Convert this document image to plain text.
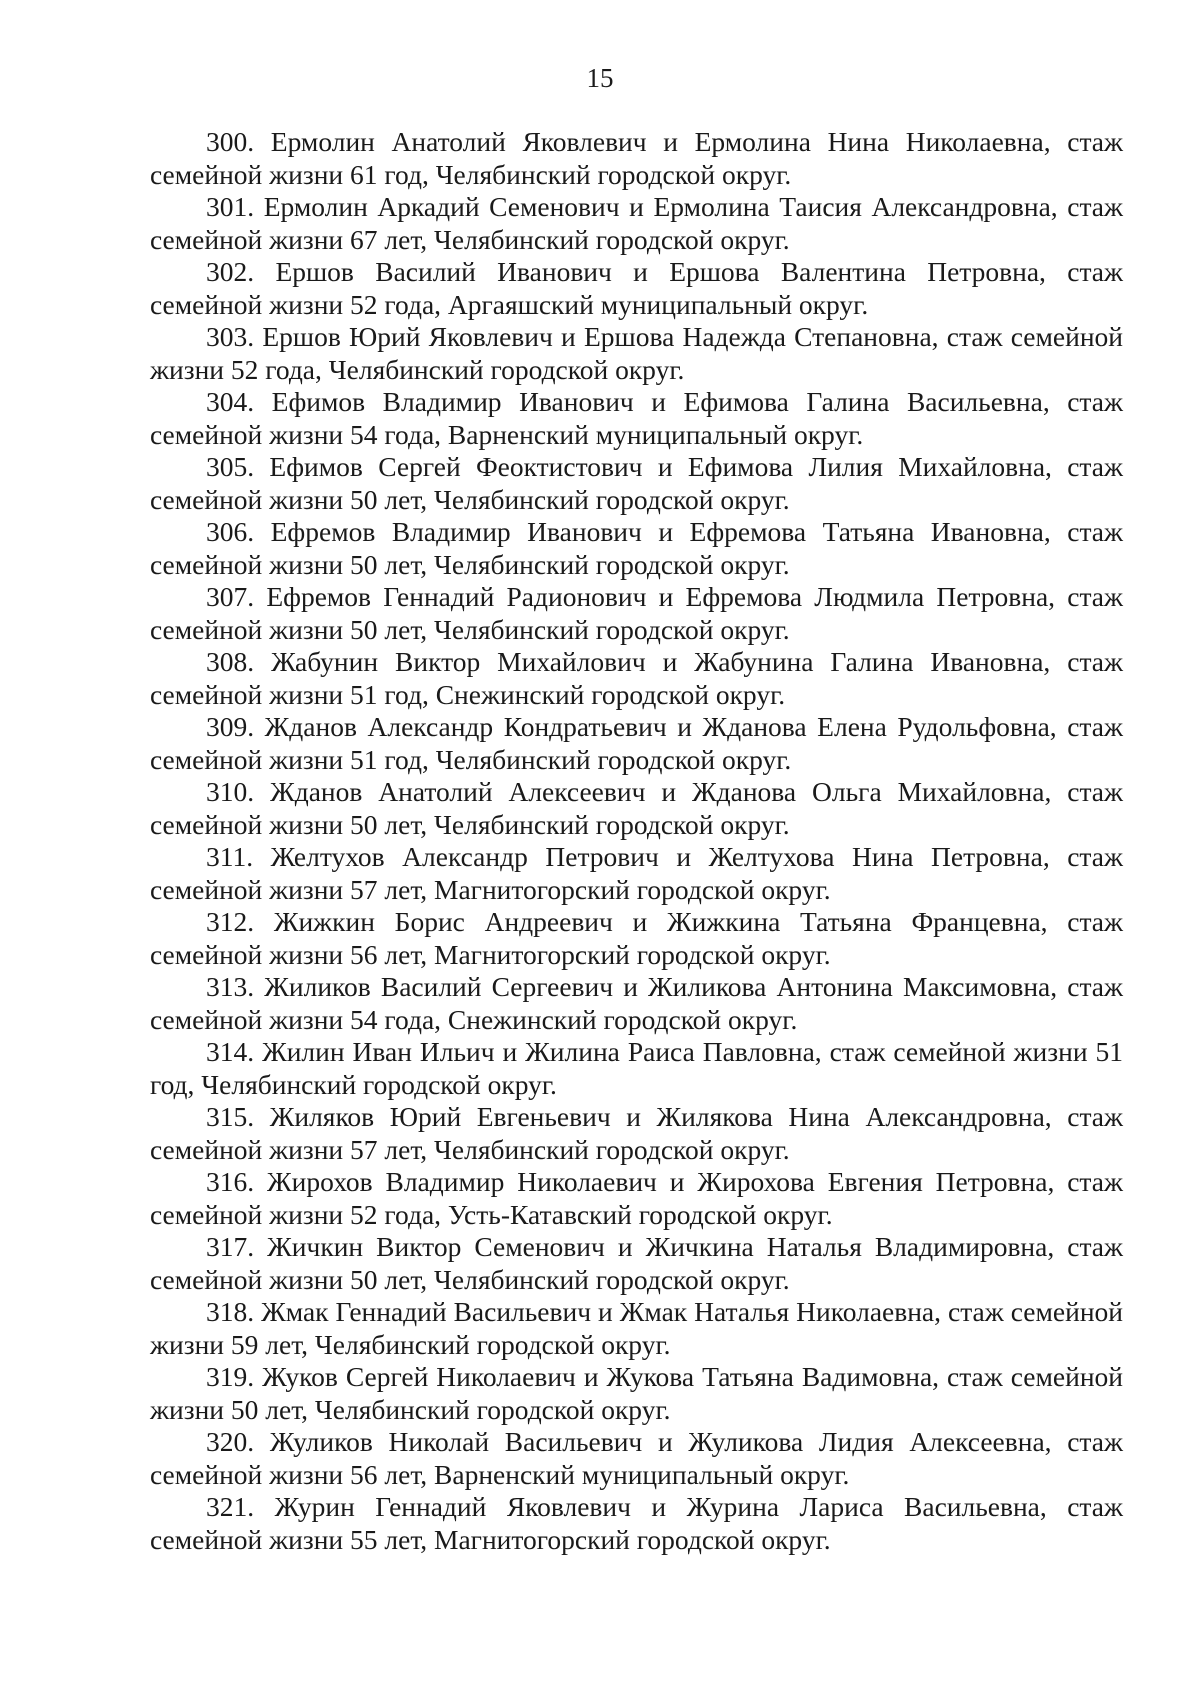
15

300. Ермолин Анатолий Яковлевич и Ермолина Нина Николаевна, стаж семейной жизни 61 год, Челябинский городской округ.

301. Ермолин Аркадий Семенович и Ермолина Таисия Александровна, стаж семейной жизни 67 лет, Челябинский городской округ.

302. Ершов Василий Иванович и Ершова Валентина Петровна, стаж семейной жизни 52 года, Аргаяшский муниципальный округ.

303. Ершов Юрий Яковлевич и Ершова Надежда Степановна, стаж семейной жизни 52 года, Челябинский городской округ.

304. Ефимов Владимир Иванович и Ефимова Галина Васильевна, стаж семейной жизни 54 года, Варненский муниципальный округ.

305. Ефимов Сергей Феоктистович и Ефимова Лилия Михайловна, стаж семейной жизни 50 лет, Челябинский городской округ.

306. Ефремов Владимир Иванович и Ефремова Татьяна Ивановна, стаж семейной жизни 50 лет, Челябинский городской округ.

307. Ефремов Геннадий Радионович и Ефремова Людмила Петровна, стаж семейной жизни 50 лет, Челябинский городской округ.

308. Жабунин Виктор Михайлович и Жабунина Галина Ивановна, стаж семейной жизни 51 год, Снежинский городской округ.

309. Жданов Александр Кондратьевич и Жданова Елена Рудольфовна, стаж семейной жизни 51 год, Челябинский городской округ.

310. Жданов Анатолий Алексеевич и Жданова Ольга Михайловна, стаж семейной жизни 50 лет, Челябинский городской округ.

311. Желтухов Александр Петрович и Желтухова Нина Петровна, стаж семейной жизни 57 лет, Магнитогорский городской округ.

312. Жижкин Борис Андреевич и Жижкина Татьяна Францевна, стаж семейной жизни 56 лет, Магнитогорский городской округ.

313. Жиликов Василий Сергеевич и Жиликова Антонина Максимовна, стаж семейной жизни 54 года, Снежинский городской округ.

314. Жилин Иван Ильич и Жилина Раиса Павловна, стаж семейной жизни 51 год, Челябинский городской округ.

315. Жиляков Юрий Евгеньевич и Жилякова Нина Александровна, стаж семейной жизни 57 лет, Челябинский городской округ.

316. Жирохов Владимир Николаевич и Жирохова Евгения Петровна, стаж семейной жизни 52 года, Усть-Катавский городской округ.

317. Жичкин Виктор Семенович и Жичкина Наталья Владимировна, стаж семейной жизни 50 лет, Челябинский городской округ.

318. Жмак Геннадий Васильевич и Жмак Наталья Николаевна, стаж семейной жизни 59 лет, Челябинский городской округ.

319. Жуков Сергей Николаевич и Жукова Татьяна Вадимовна, стаж семейной жизни 50 лет, Челябинский городской округ.

320. Жуликов Николай Васильевич и Жуликова Лидия Алексеевна, стаж семейной жизни 56 лет, Варненский муниципальный округ.

321. Журин Геннадий Яковлевич и Журина Лариса Васильевна, стаж семейной жизни 55 лет, Магнитогорский городской округ.
